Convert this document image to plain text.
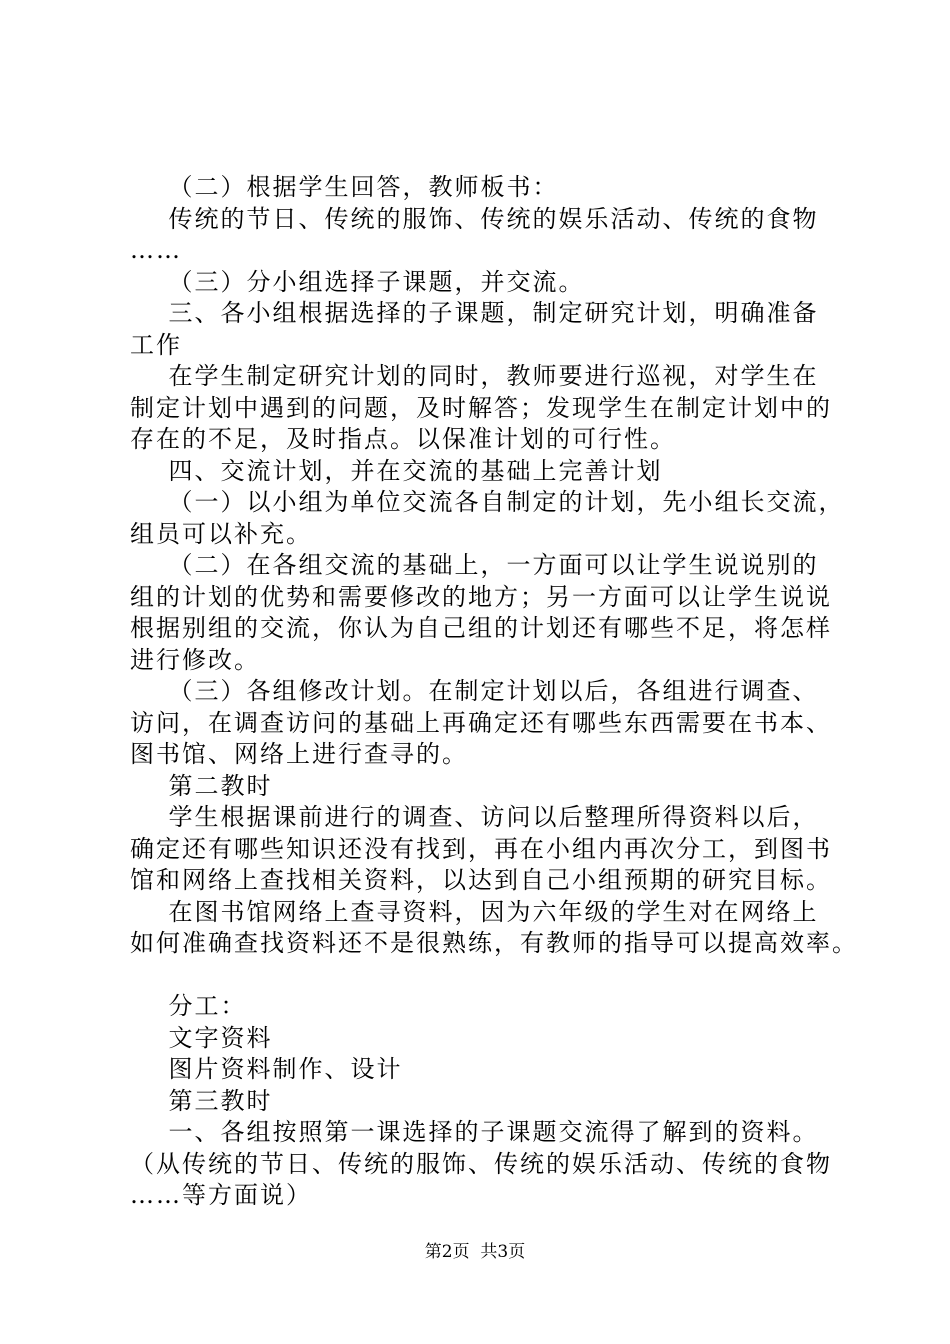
（二）根据学生回答，教师板书：
传统的节日、传统的服饰、传统的娱乐活动、传统的食物
……
（三）分小组选择子课题，并交流。
三、各小组根据选择的子课题，制定研究计划，明确准备
工作
在学生制定研究计划的同时，教师要进行巡视，对学生在
制定计划中遇到的问题，及时解答；发现学生在制定计划中的
存在的不足，及时指点。以保准计划的可行性。
四、交流计划，并在交流的基础上完善计划
（一）以小组为单位交流各自制定的计划，先小组长交流，
组员可以补充。
（二）在各组交流的基础上，一方面可以让学生说说别的
组的计划的优势和需要修改的地方；另一方面可以让学生说说
根据别组的交流，你认为自己组的计划还有哪些不足，将怎样
进行修改。
（三）各组修改计划。在制定计划以后，各组进行调查、
访问，在调查访问的基础上再确定还有哪些东西需要在书本、
图书馆、网络上进行查寻的。
第二教时
学生根据课前进行的调查、访问以后整理所得资料以后，
确定还有哪些知识还没有找到，再在小组内再次分工，到图书
馆和网络上查找相关资料，以达到自己小组预期的研究目标。
在图书馆网络上查寻资料，因为六年级的学生对在网络上
如何准确查找资料还不是很熟练，有教师的指导可以提高效率。
分工：
文字资料
图片资料制作、设计
第三教时
一、各组按照第一课选择的子课题交流得了解到的资料。
（从传统的节日、传统的服饰、传统的娱乐活动、传统的食物
……等方面说）
第2页  共3页
